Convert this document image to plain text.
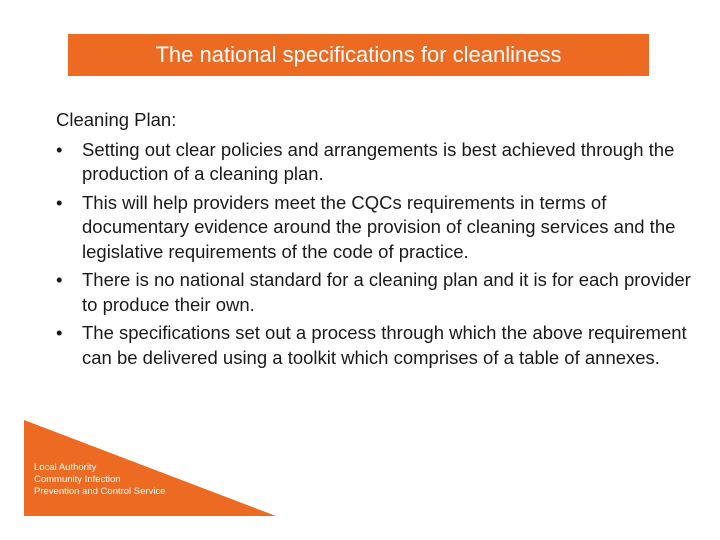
The national specifications for cleanliness
Cleaning Plan:
•	Setting out clear policies and arrangements is best achieved through the production of a cleaning plan.
•	This will help providers meet the CQCs requirements in terms of documentary evidence around the provision of cleaning services and the legislative requirements of the code of practice.
•	There is no national standard for a cleaning plan and it is for each provider to produce their own.
•	The specifications set out a process through which the above requirement can be delivered using a toolkit which comprises of a table of annexes.
Local Authority
Community Infection
Prevention and Control Service
